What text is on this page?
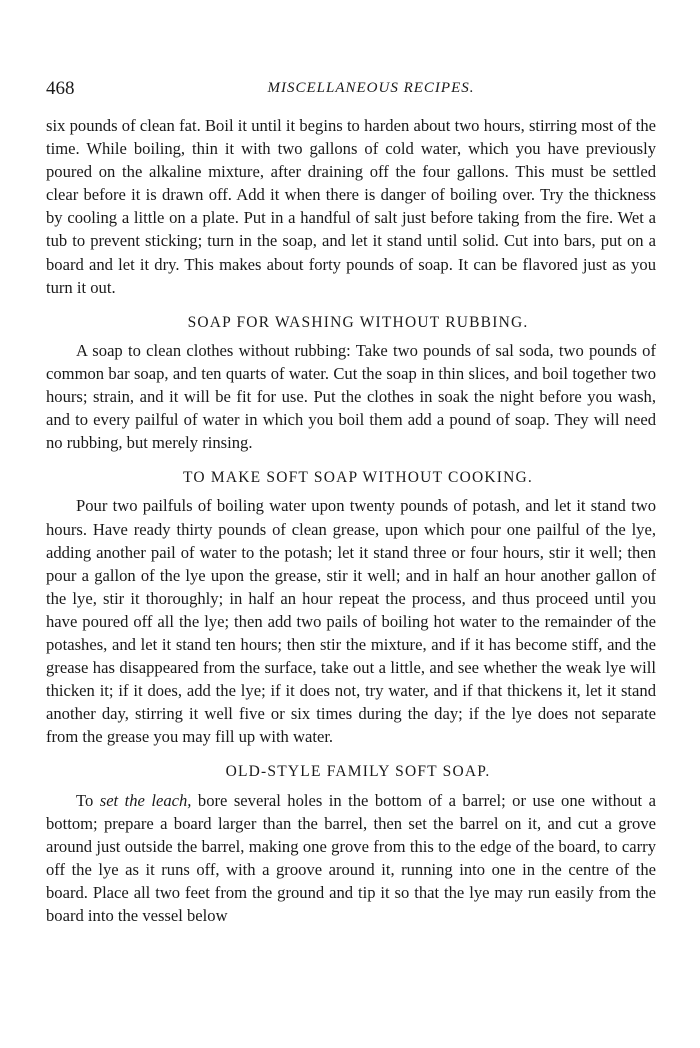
468	MISCELLANEOUS RECIPES.

six pounds of clean fat. Boil it until it begins to harden about two hours, stirring most of the time. While boiling, thin it with two gallons of cold water, which you have previously poured on the alkaline mixture, after draining off the four gallons. This must be settled clear before it is drawn off. Add it when there is danger of boiling over. Try the thickness by cooling a little on a plate. Put in a handful of salt just before taking from the fire. Wet a tub to prevent sticking; turn in the soap, and let it stand until solid. Cut into bars, put on a board and let it dry. This makes about forty pounds of soap. It can be flavored just as you turn it out.

SOAP FOR WASHING WITHOUT RUBBING.

A soap to clean clothes without rubbing: Take two pounds of sal soda, two pounds of common bar soap, and ten quarts of water. Cut the soap in thin slices, and boil together two hours; strain, and it will be fit for use. Put the clothes in soak the night before you wash, and to every pailful of water in which you boil them add a pound of soap. They will need no rubbing, but merely rinsing.

TO MAKE SOFT SOAP WITHOUT COOKING.

Pour two pailfuls of boiling water upon twenty pounds of potash, and let it stand two hours. Have ready thirty pounds of clean grease, upon which pour one pailful of the lye, adding another pail of water to the potash; let it stand three or four hours, stir it well; then pour a gallon of the lye upon the grease, stir it well; and in half an hour another gallon of the lye, stir it thoroughly; in half an hour repeat the process, and thus proceed until you have poured off all the lye; then add two pails of boiling hot water to the remainder of the potashes, and let it stand ten hours; then stir the mixture, and if it has become stiff, and the grease has disappeared from the surface, take out a little, and see whether the weak lye will thicken it; if it does, add the lye; if it does not, try water, and if that thickens it, let it stand another day, stirring it well five or six times during the day; if the lye does not separate from the grease you may fill up with water.

OLD-STYLE FAMILY SOFT SOAP.

To set the leach, bore several holes in the bottom of a barrel; or use one without a bottom; prepare a board larger than the barrel, then set the barrel on it, and cut a grove around just outside the barrel, making one grove from this to the edge of the board, to carry off the lye as it runs off, with a groove around it, running into one in the centre of the board. Place all two feet from the ground and tip it so that the lye may run easily from the board into the vessel below
